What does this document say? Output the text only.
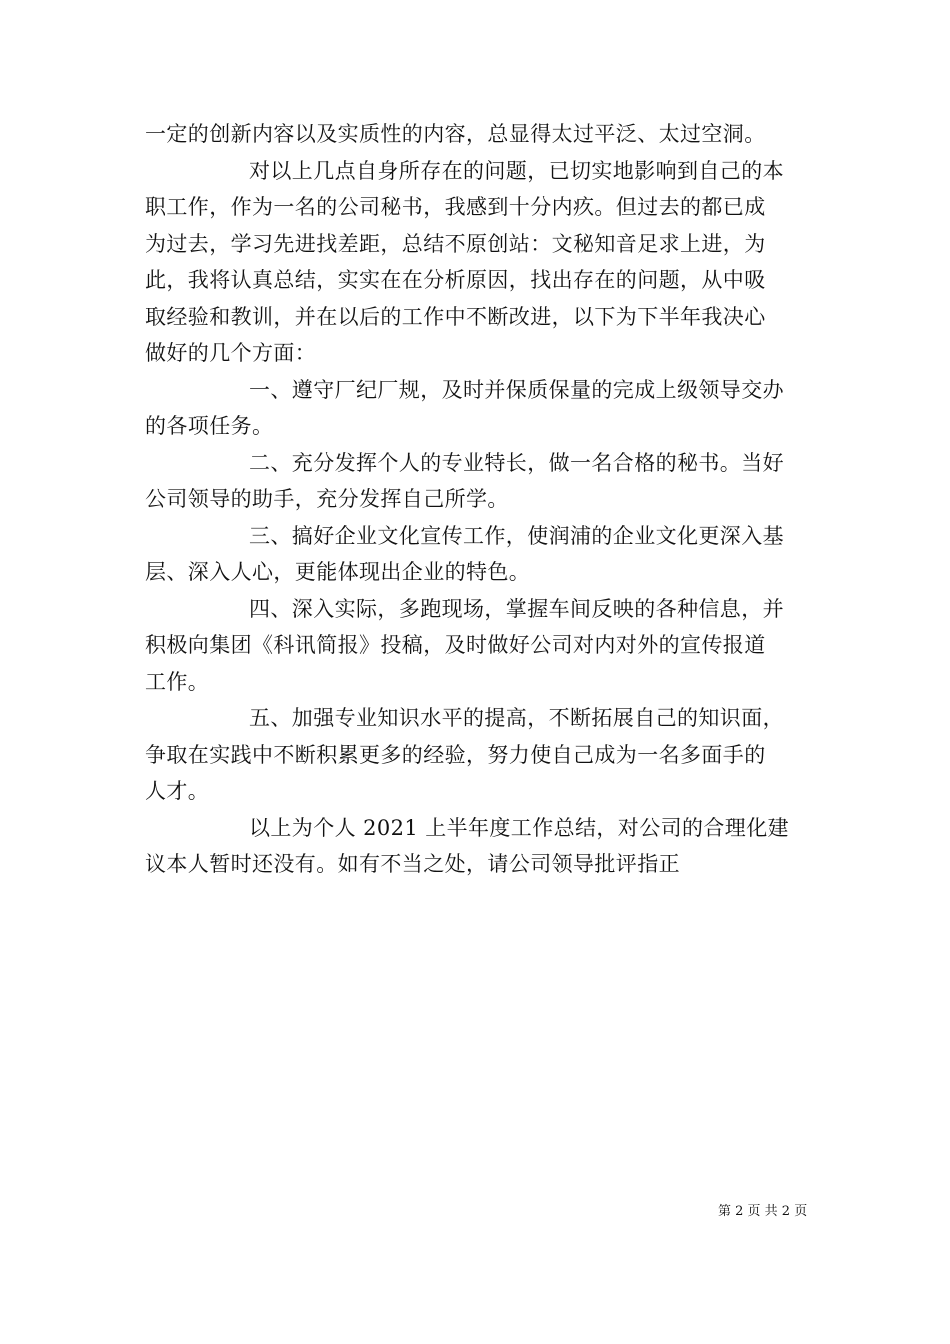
一定的创新内容以及实质性的内容，总显得太过平泛、太过空洞。

对以上几点自身所存在的问题，已切实地影响到自己的本

职工作，作为一名的公司秘书，我感到十分内疚。但过去的都已成

为过去，学习先进找差距，总结不原创站：文秘知音足求上进，为

此，我将认真总结，实实在在分析原因，找出存在的问题，从中吸

取经验和教训，并在以后的工作中不断改进，以下为下半年我决心

做好的几个方面：

一、遵守厂纪厂规，及时并保质保量的完成上级领导交办

的各项任务。

二、充分发挥个人的专业特长，做一名合格的秘书。当好

公司领导的助手，充分发挥自己所学。

三、搞好企业文化宣传工作，使润浦的企业文化更深入基

层、深入人心，更能体现出企业的特色。

四、深入实际，多跑现场，掌握车间反映的各种信息，并

积极向集团《科讯简报》投稿，及时做好公司对内对外的宣传报道

工作。

五、加强专业知识水平的提高，不断拓展自己的知识面，

争取在实践中不断积累更多的经验，努力使自己成为一名多面手的

人才。

以上为个人 2021 上半年度工作总结，对公司的合理化建

议本人暂时还没有。如有不当之处，请公司领导批评指正

第 2 页 共 2 页
